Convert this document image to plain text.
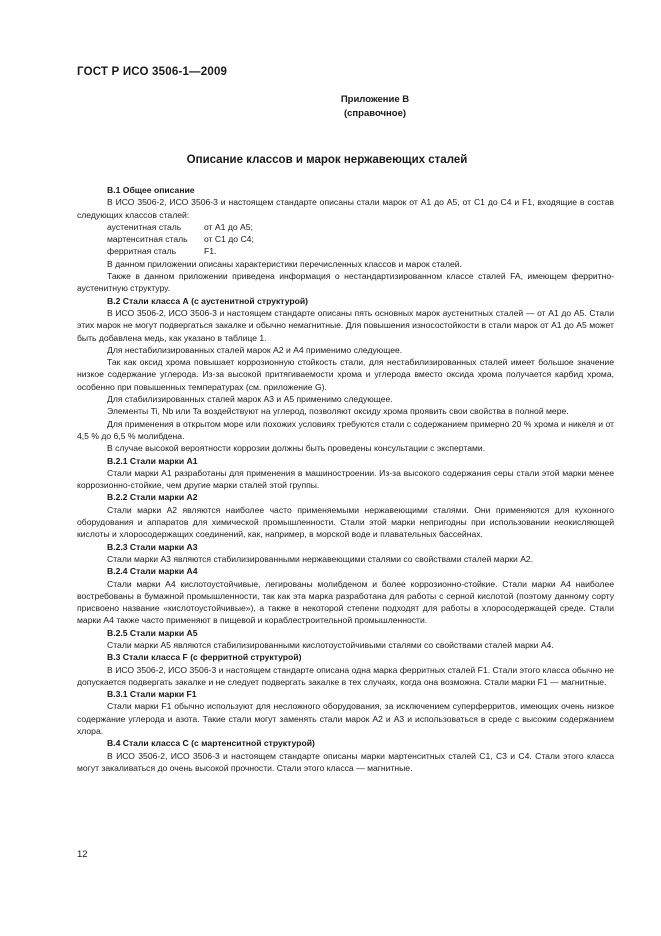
ГОСТ Р ИСО 3506-1—2009
Приложение В
(справочное)
Описание классов и марок нержавеющих сталей

В.1 Общее описание

В ИСО 3506-2, ИСО 3506-3 и настоящем стандарте описаны стали марок от А1 до А5, от С1 до С4 и F1, входящие в состав следующих классов сталей:

аустенитная сталь	от А1 до А5;
мартенситная сталь	от С1 до С4;
ферритная сталь	F1.

В данном приложении описаны характеристики перечисленных классов и марок сталей.

Также в данном приложении приведена информация о нестандартизированном классе сталей FA, имеющем ферритно-аустенитную структуру.

В.2 Стали класса А (с аустенитной структурой)

В ИСО 3506-2, ИСО 3506-3 и настоящем стандарте описаны пять основных марок аустенитных сталей — от А1 до А5. Стали этих марок не могут подвергаться закалке и обычно немагнитные. Для повышения износостойкости в стали марок от А1 до А5 может быть добавлена медь, как указано в таблице 1.

Для нестабилизированных сталей марок А2 и А4 применимо следующее.

Так как оксид хрома повышает коррозионную стойкость стали, для нестабилизированных сталей имеет большое значение низкое содержание углерода. Из-за высокой притягиваемости хрома и углерода вместо оксида хрома получается карбид хрома, особенно при повышенных температурах (см. приложение G).

Для стабилизированных сталей марок А3 и А5 применимо следующее.

Элементы Ti, Nb или Ta воздействуют на углерод, позволяют оксиду хрома проявить свои свойства в полной мере.

Для применения в открытом море или похожих условиях требуются стали с содержанием примерно 20 % хрома и никеля и от 4,5 % до 6,5 % молибдена.

В случае высокой вероятности коррозии должны быть проведены консультации с экспертами.

В.2.1 Стали марки А1

Стали марки А1 разработаны для применения в машиностроении. Из-за высокого содержания серы стали этой марки менее коррозионно-стойкие, чем другие марки сталей этой группы.

В.2.2 Стали марки А2

Стали марки А2 являются наиболее часто применяемыми нержавеющими сталями. Они применяются для кухонного оборудования и аппаратов для химической промышленности. Стали этой марки непригодны при использовании неокисляющей кислоты и хлоросодержащих соединений, как, например, в морской воде и плавательных бассейнах.

В.2.3 Стали марки А3

Стали марки А3 являются стабилизированными нержавеющими сталями со свойствами сталей марки А2.

В.2.4 Стали марки А4

Стали марки А4 кислотоустойчивые, легированы молибденом и более коррозионно-стойкие. Стали марки А4 наиболее востребованы в бумажной промышленности, так как эта марка разработана для работы с серной кислотой (поэтому данному сорту присвоено название «кислотоустойчивые»), а также в некоторой степени подходят для работы в хлоросодержащей среде. Стали марки А4 также часто применяют в пищевой и кораблестроительной промышленности.

В.2.5 Стали марки А5

Стали марки А5 являются стабилизированными кислотоустойчивыми сталями со свойствами сталей марки А4.

В.3 Стали класса F (с ферритной структурой)

В ИСО 3506-2, ИСО 3506-3 и настоящем стандарте описана одна марка ферритных сталей F1. Стали этого класса обычно не допускается подвергать закалке и не следует подвергать закалке в тех случаях, когда она возможна. Стали марки F1 — магнитные.

В.3.1 Стали марки F1

Стали марки F1 обычно используют для несложного оборудования, за исключением суперферритов, имеющих очень низкое содержание углерода и азота. Такие стали могут заменять стали марок А2 и А3 и использоваться в среде с высоким содержанием хлора.

В.4 Стали класса С (с мартенситной структурой)

В ИСО 3506-2, ИСО 3506-3 и настоящем стандарте описаны марки мартенситных сталей С1, С3 и С4. Стали этого класса могут закаливаться до очень высокой прочности. Стали этого класса — магнитные.

12
